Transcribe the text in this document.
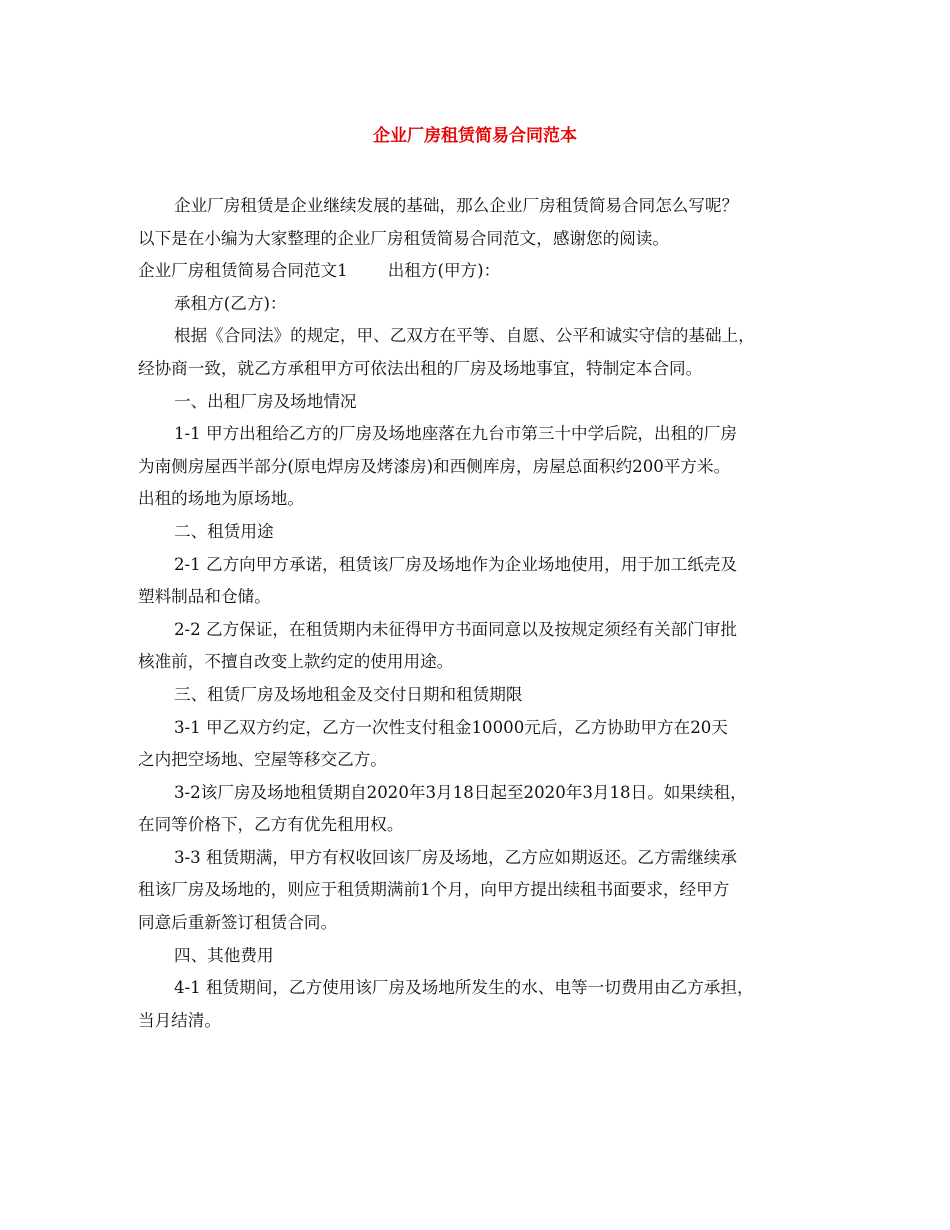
企业厂房租赁简易合同范本

企业厂房租赁是企业继续发展的基础，那么企业厂房租赁简易合同怎么写呢？

以下是在小编为大家整理的企业厂房租赁简易合同范文，感谢您的阅读。

企业厂房租赁简易合同范文1 出租方(甲方)：

承租方(乙方)：

根据《合同法》的规定，甲、乙双方在平等、自愿、公平和诚实守信的基础上，

经协商一致，就乙方承租甲方可依法出租的厂房及场地事宜，特制定本合同。

一、出租厂房及场地情况

1-1 甲方出租给乙方的厂房及场地座落在九台市第三十中学后院，出租的厂房

为南侧房屋西半部分(原电焊房及烤漆房)和西侧库房，房屋总面积约200平方米。

出租的场地为原场地。

二、租赁用途

2-1 乙方向甲方承诺，租赁该厂房及场地作为企业场地使用，用于加工纸壳及

塑料制品和仓储。

2-2 乙方保证，在租赁期内未征得甲方书面同意以及按规定须经有关部门审批

核准前，不擅自改变上款约定的使用用途。

三、租赁厂房及场地租金及交付日期和租赁期限

3-1 甲乙双方约定，乙方一次性支付租金10000元后，乙方协助甲方在20天

之内把空场地、空屋等移交乙方。

3-2该厂房及场地租赁期自2020年3月18日起至2020年3月18日。如果续租，

在同等价格下，乙方有优先租用权。

3-3 租赁期满，甲方有权收回该厂房及场地，乙方应如期返还。乙方需继续承

租该厂房及场地的，则应于租赁期满前1个月，向甲方提出续租书面要求，经甲方

同意后重新签订租赁合同。

四、其他费用

4-1 租赁期间，乙方使用该厂房及场地所发生的水、电等一切费用由乙方承担，

当月结清。
